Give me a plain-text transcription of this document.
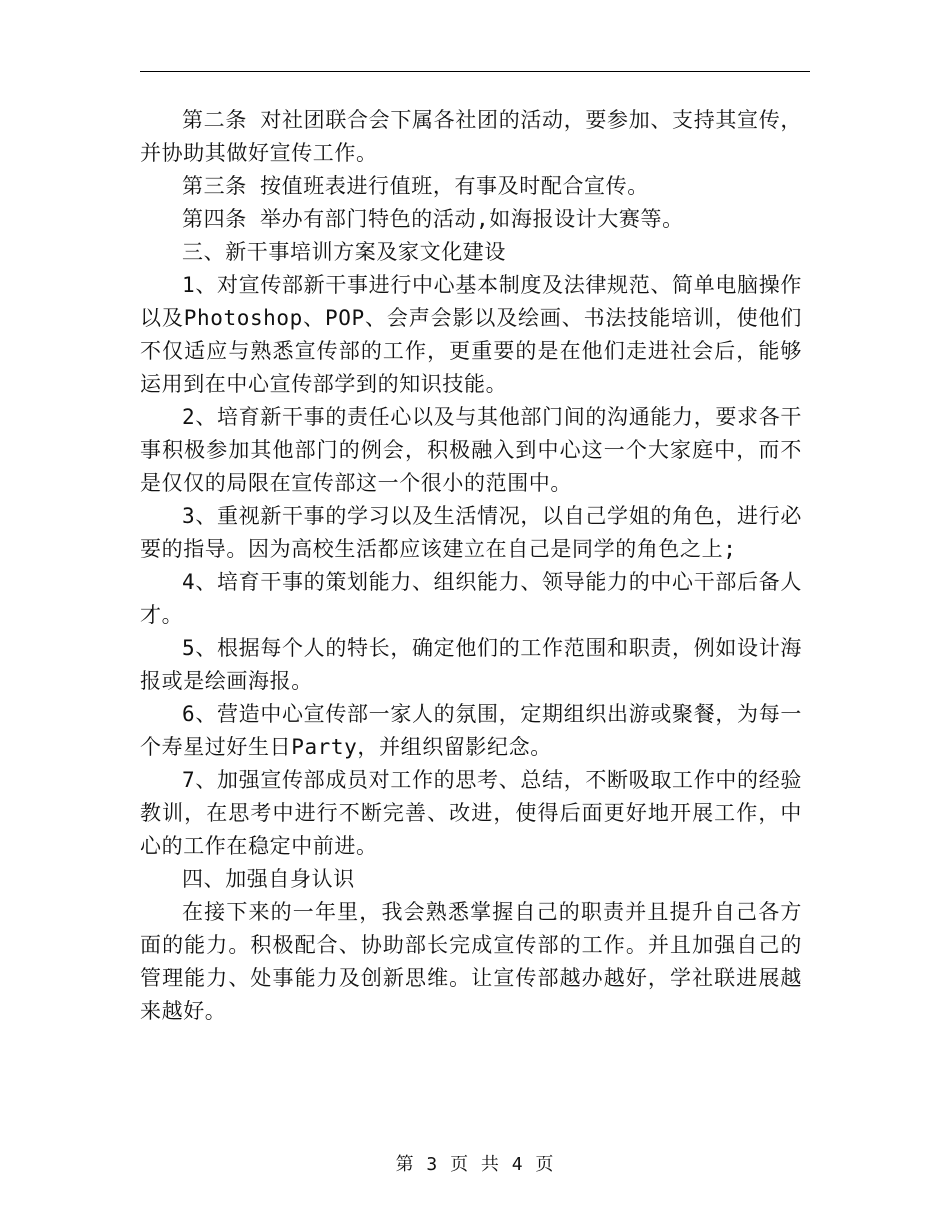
第二条 对社团联合会下属各社团的活动，要参加、支持其宣传，并协助其做好宣传工作。

第三条 按值班表进行值班，有事及时配合宣传。

第四条 举办有部门特色的活动,如海报设计大赛等。

三、新干事培训方案及家文化建设

1、对宣传部新干事进行中心基本制度及法律规范、简单电脑操作以及Photoshop、POP、会声会影以及绘画、书法技能培训，使他们不仅适应与熟悉宣传部的工作，更重要的是在他们走进社会后，能够运用到在中心宣传部学到的知识技能。

2、培育新干事的责任心以及与其他部门间的沟通能力，要求各干事积极参加其他部门的例会，积极融入到中心这一个大家庭中，而不是仅仅的局限在宣传部这一个很小的范围中。

3、重视新干事的学习以及生活情况，以自己学姐的角色，进行必要的指导。因为高校生活都应该建立在自己是同学的角色之上;

4、培育干事的策划能力、组织能力、领导能力的中心干部后备人才。

5、根据每个人的特长，确定他们的工作范围和职责，例如设计海报或是绘画海报。

6、营造中心宣传部一家人的氛围，定期组织出游或聚餐，为每一个寿星过好生日Party，并组织留影纪念。

7、加强宣传部成员对工作的思考、总结，不断吸取工作中的经验教训，在思考中进行不断完善、改进，使得后面更好地开展工作，中心的工作在稳定中前进。

四、加强自身认识

在接下来的一年里，我会熟悉掌握自己的职责并且提升自己各方面的能力。积极配合、协助部长完成宣传部的工作。并且加强自己的管理能力、处事能力及创新思维。让宣传部越办越好，学社联进展越来越好。

第 3 页 共 4 页
